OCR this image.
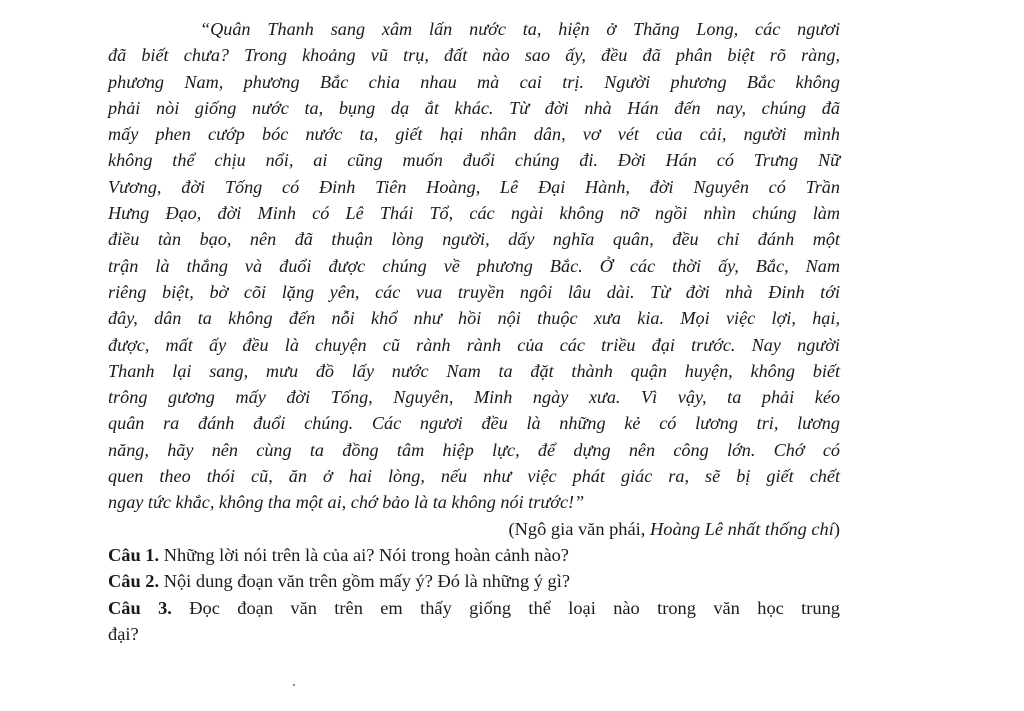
“Quân Thanh sang xâm lấn nước ta, hiện ở Thăng Long, các ngươi
đã biết chưa? Trong khoảng vũ trụ, đất nào sao ấy, đều đã phân biệt rõ ràng,
phương Nam, phương Bắc chia nhau mà cai trị. Người phương Bắc không
phải nòi giống nước ta, bụng dạ ắt khác. Từ đời nhà Hán đến nay, chúng đã
mấy phen cướp bóc nước ta, giết hại nhân dân, vơ vét của cải, người mình
không thể chịu nổi, ai cũng muốn đuổi chúng đi. Đời Hán có Trưng Nữ
Vương, đời Tống có Đinh Tiên Hoàng, Lê Đại Hành, đời Nguyên có Trần
Hưng Đạo, đời Minh có Lê Thái Tổ, các ngài không nỡ ngồi nhìn chúng làm
điều tàn bạo, nên đã thuận lòng người, dấy nghĩa quân, đều chỉ đánh một
trận là thắng và đuổi được chúng về phương Bắc. Ở các thời ấy, Bắc, Nam
riêng biệt, bờ cõi lặng yên, các vua truyền ngôi lâu dài. Từ đời nhà Đinh tới
đây, dân ta không đến nỗi khổ như hồi nội thuộc xưa kia. Mọi việc lợi, hại,
được, mất ấy đều là chuyện cũ rành rành của các triều đại trước. Nay người
Thanh lại sang, mưu đồ lấy nước Nam ta đặt thành quận huyện, không biết
trông gương mấy đời Tống, Nguyên, Minh ngày xưa. Vì vậy, ta phải kéo
quân ra đánh đuổi chúng. Các ngươi đều là những kẻ có lương tri, lương
năng, hãy nên cùng ta đồng tâm hiệp lực, để dựng nên công lớn. Chớ có
quen theo thói cũ, ăn ở hai lòng, nếu như việc phát giác ra, sẽ bị giết chết
ngay tức khắc, không tha một ai, chớ bảo là ta không nói trước!”
(Ngô gia văn phái, Hoàng Lê nhất thống chí)
Câu 1. Những lời nói trên là của ai? Nói trong hoàn cảnh nào?
Câu 2. Nội dung đoạn văn trên gồm mấy ý? Đó là những ý gì?
Câu 3. Đọc đoạn văn trên em thấy giống thể loại nào trong văn học trung
đại?
